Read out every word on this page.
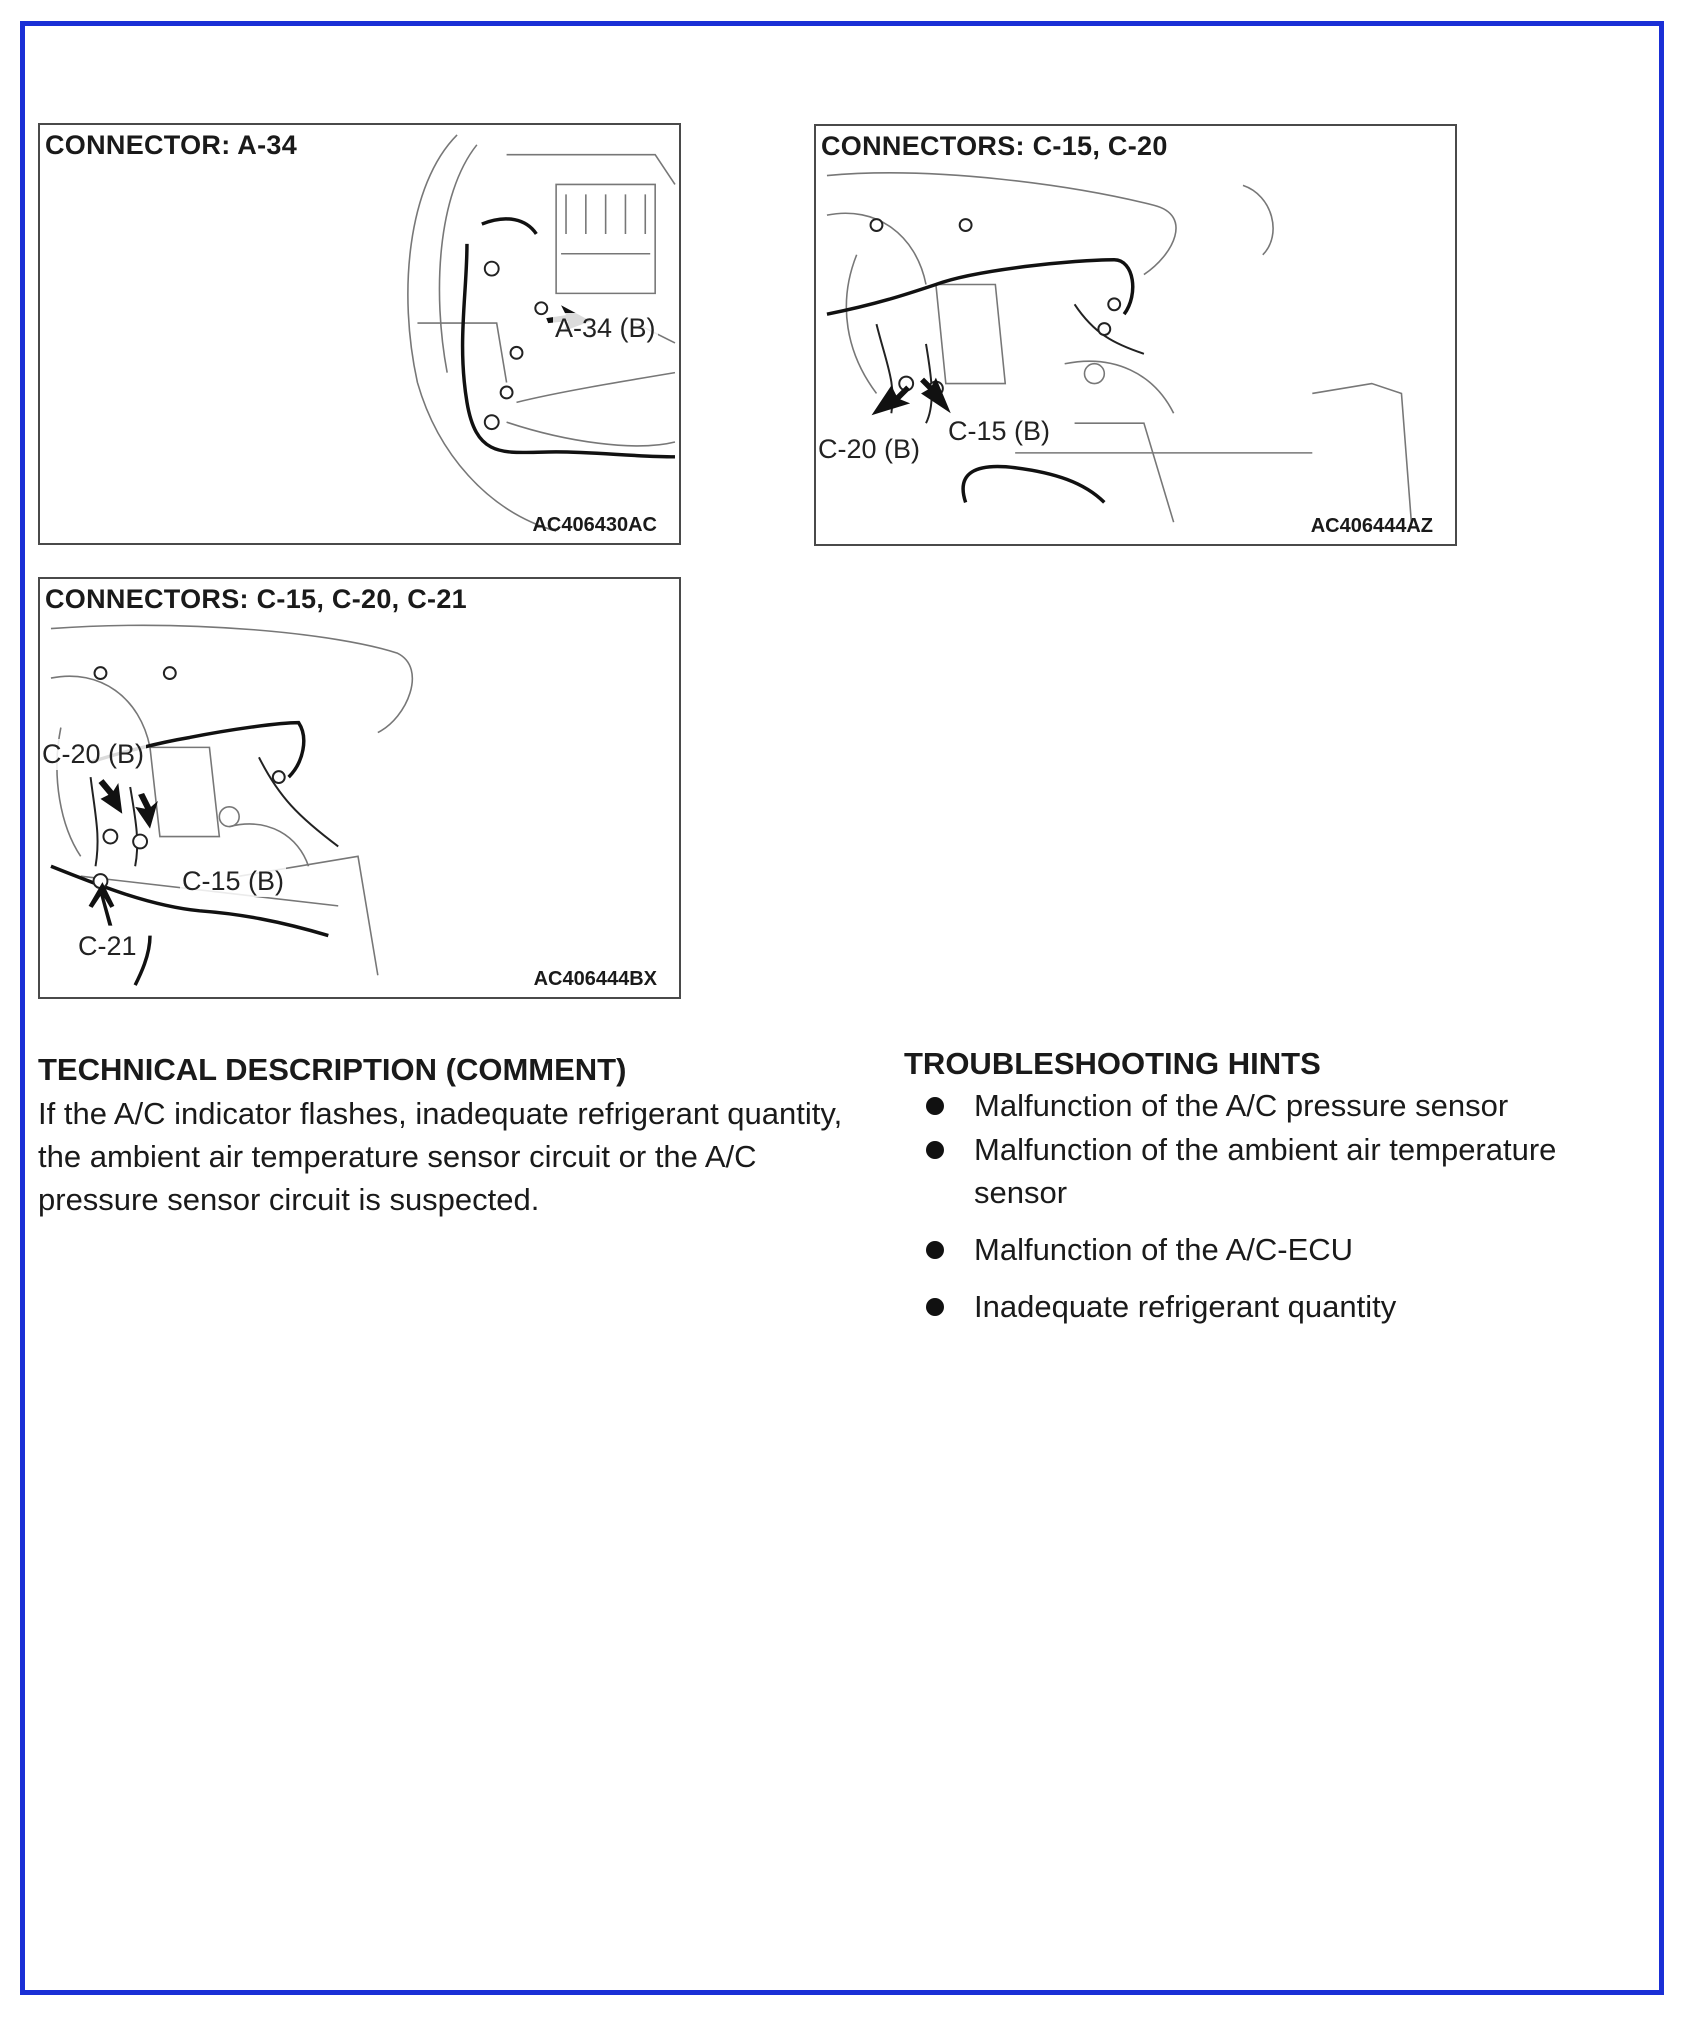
CONNECTOR: A-34
A-34 (B)
AC406430AC
CONNECTORS: C-15, C-20
C-15 (B)
C-20 (B)
AC406444AZ
CONNECTORS: C-15, C-20, C-21
C-20 (B)
C-15 (B)
C-21
AC406444BX
TECHNICAL DESCRIPTION (COMMENT)
If the A/C indicator flashes, inadequate refrigerant quantity, the ambient air temperature sensor circuit or the A/C pressure sensor circuit is suspected.
TROUBLESHOOTING HINTS
Malfunction of the A/C pressure sensor
Malfunction of the ambient air temperature sensor
Malfunction of the A/C-ECU
Inadequate refrigerant quantity
